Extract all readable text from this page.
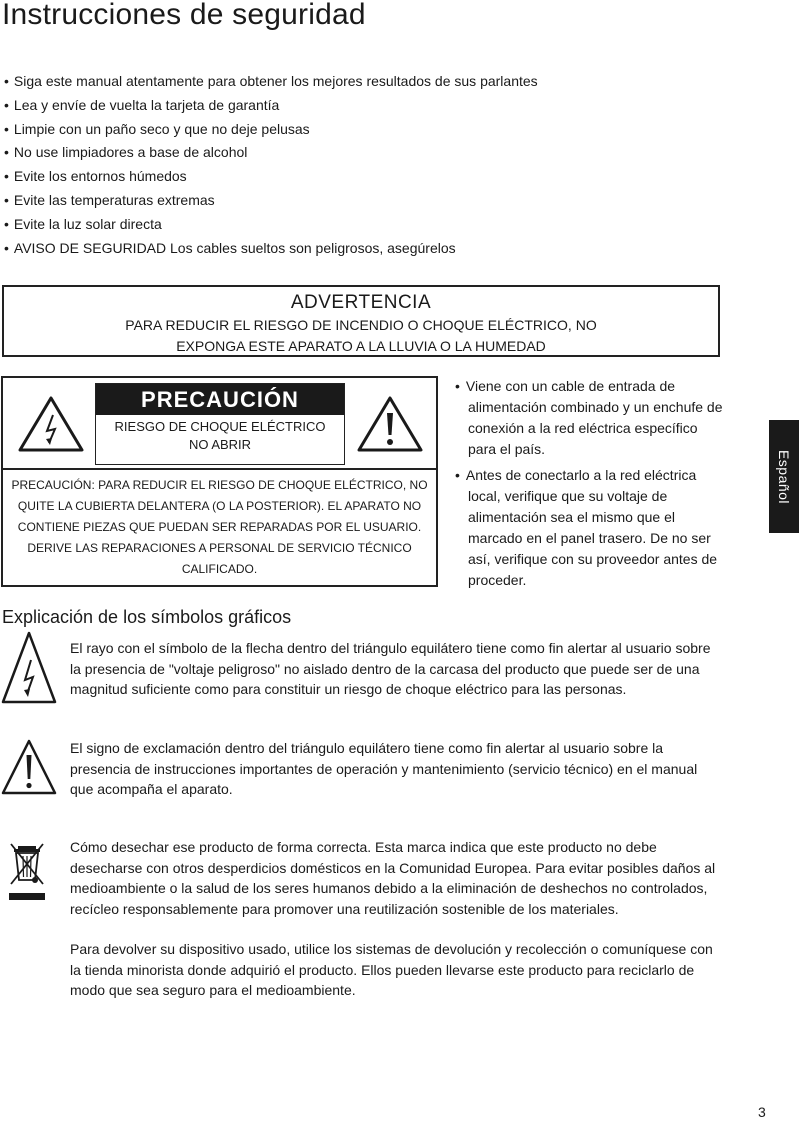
Instrucciones de seguridad
• Siga este manual atentamente para obtener los mejores resultados de sus parlantes
• Lea y envíe de vuelta la tarjeta de garantía
• Limpie con un paño seco y que no deje pelusas
• No use limpiadores a base de alcohol
• Evite los entornos húmedos
• Evite las temperaturas extremas
• Evite la luz solar directa
• AVISO DE SEGURIDAD Los cables sueltos son peligrosos, asegúrelos
ADVERTENCIA
PARA REDUCIR EL RIESGO DE INCENDIO O CHOQUE ELÉCTRICO, NO
EXPONGA ESTE APARATO A LA LLUVIA O LA HUMEDAD
PRECAUCIÓN
RIESGO DE CHOQUE ELÉCTRICO
NO ABRIR
PRECAUCIÓN: PARA REDUCIR EL RIESGO DE CHOQUE ELÉCTRICO, NO QUITE LA CUBIERTA DELANTERA (O LA POSTERIOR). EL APARATO NO CONTIENE PIEZAS QUE PUEDAN SER REPARADAS POR EL USUARIO. DERIVE LAS REPARACIONES A PERSONAL DE SERVICIO TÉCNICO CALIFICADO.
• Viene con un cable de entrada de alimentación combinado y un enchufe de conexión a la red eléctrica específico para el país.
• Antes de conectarlo a la red eléctrica local, verifique que su voltaje de alimentación sea el mismo que el marcado en el panel trasero. De no ser así, verifique con su proveedor antes de proceder.
Español
Explicación de los símbolos gráficos

El rayo con el símbolo de la flecha dentro del triángulo equilátero tiene como fin alertar al usuario sobre la presencia de "voltaje peligroso" no aislado dentro de la carcasa del producto que puede ser de una magnitud suficiente como para constituir un riesgo de choque eléctrico para las personas.

El signo de exclamación dentro del triángulo equilátero tiene como fin alertar al usuario sobre la presencia de instrucciones importantes de operación y mantenimiento (servicio técnico) en el manual que acompaña el aparato.

Cómo desechar ese producto de forma correcta. Esta marca indica que este producto no debe desecharse con otros desperdicios domésticos en la Comunidad Europea. Para evitar posibles daños al medioambiente o la salud de los seres humanos debido a la eliminación de deshechos no controlados, recícleo responsablemente para promover una reutilización sostenible de los materiales.

Para devolver su dispositivo usado, utilice los sistemas de devolución y recolección o comuníquese con la tienda minorista donde adquirió el producto. Ellos pueden llevarse este producto para reciclarlo de modo que sea seguro para el medioambiente.

3
